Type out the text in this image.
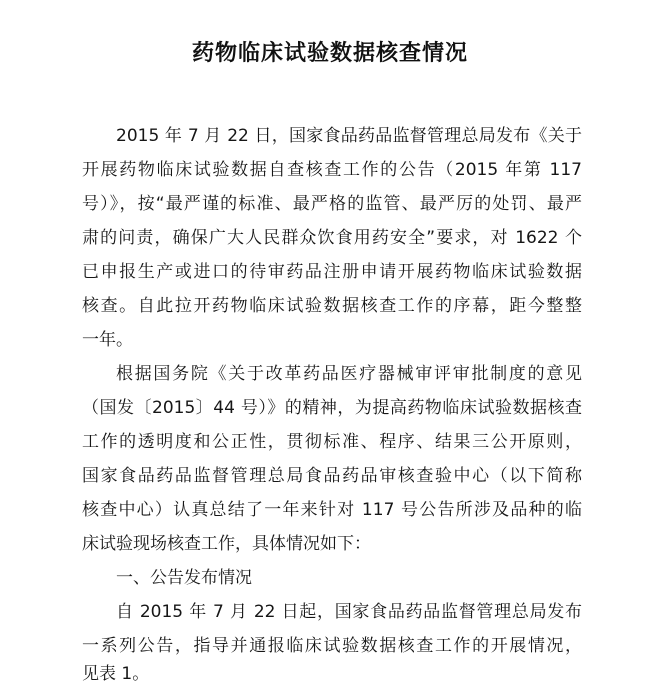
药物临床试验数据核查情况
2015 年 7 月 22 日，国家食品药品监督管理总局发布《关于
开展药物临床试验数据自查核查工作的公告（2015 年第 117
号）》，按“最严谨的标准、最严格的监管、最严厉的处罚、最严
肃的问责，确保广大人民群众饮食用药安全”要求，对 1622 个
已申报生产或进口的待审药品注册申请开展药物临床试验数据
核查。自此拉开药物临床试验数据核查工作的序幕，距今整整
一年。
根据国务院《关于改革药品医疗器械审评审批制度的意见
（国发〔2015〕44 号）》的精神，为提高药物临床试验数据核查
工作的透明度和公正性，贯彻标准、程序、结果三公开原则，
国家食品药品监督管理总局食品药品审核查验中心（以下简称
核查中心）认真总结了一年来针对 117 号公告所涉及品种的临
床试验现场核查工作，具体情况如下：
一、公告发布情况
自 2015 年 7 月 22 日起，国家食品药品监督管理总局发布
一系列公告，指导并通报临床试验数据核查工作的开展情况，
见表 1。
